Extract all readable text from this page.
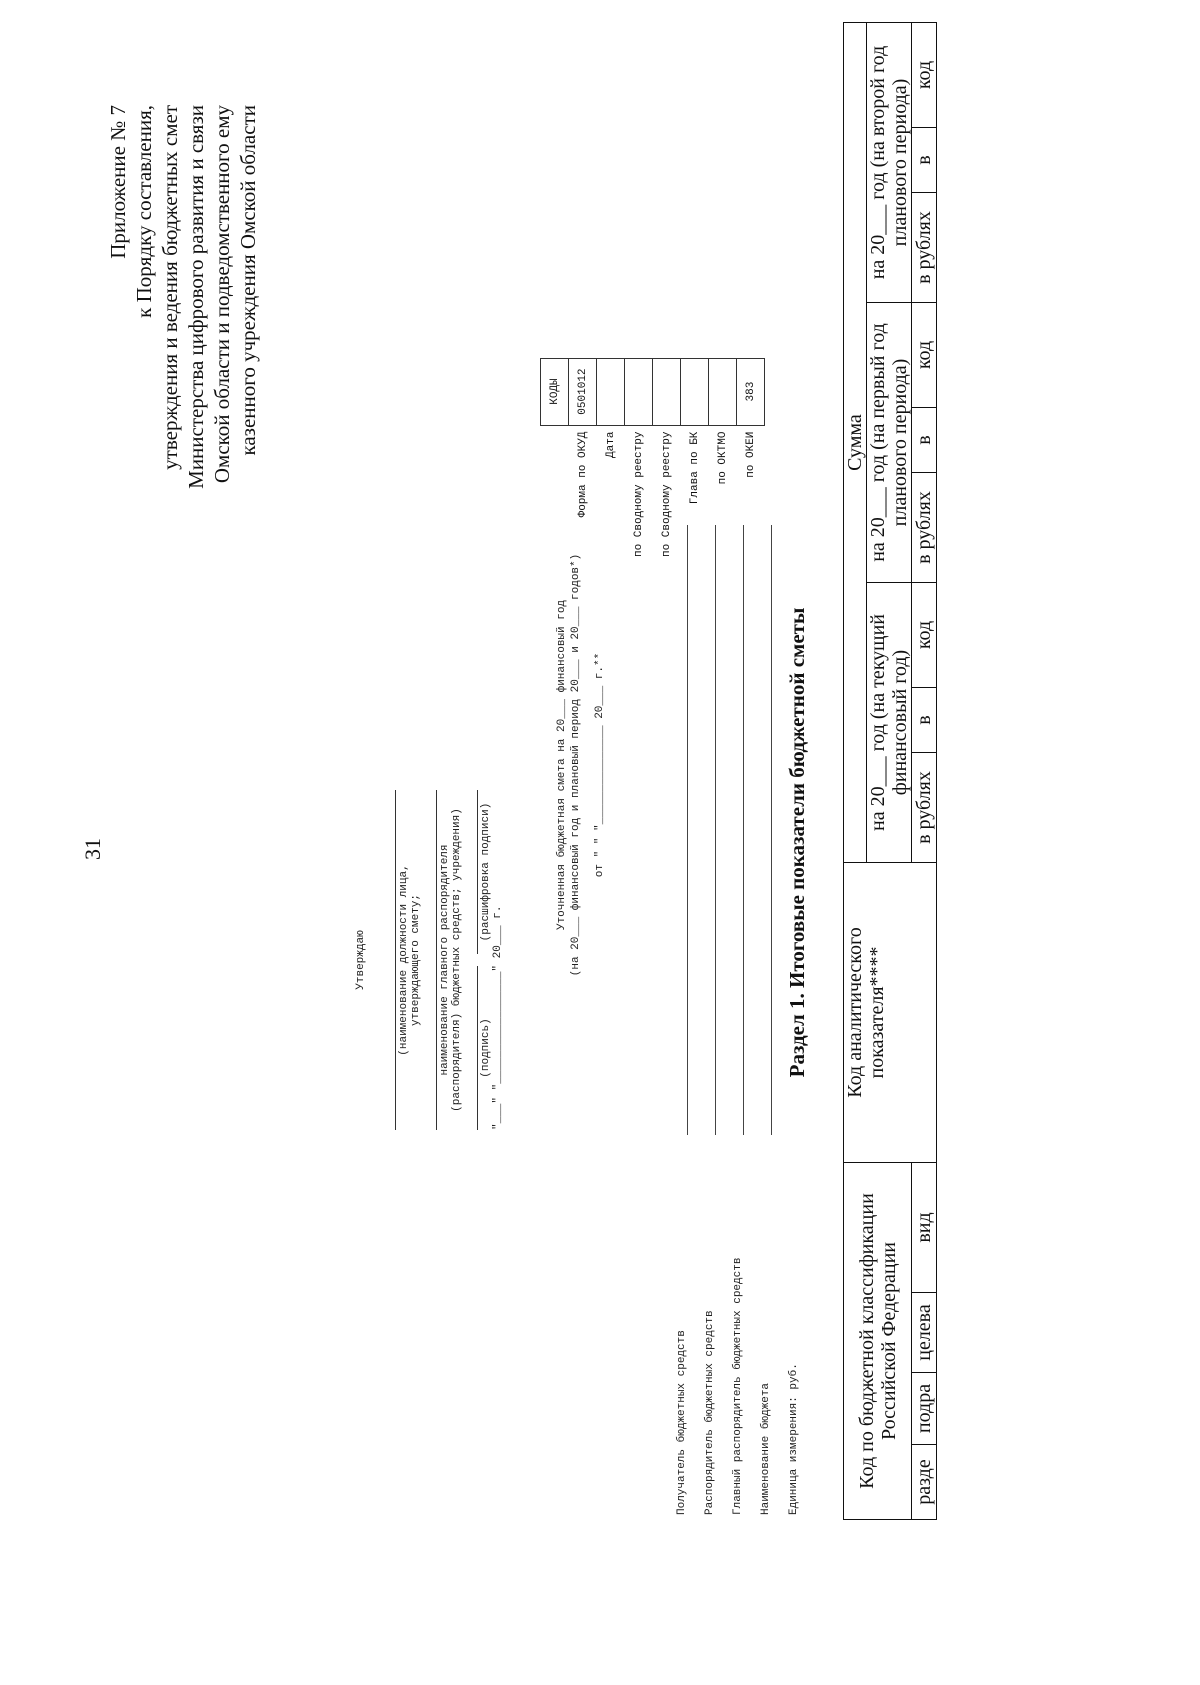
31
Приложение № 7 к Порядку составления, утверждения и ведения бюджетных смет Министерства цифрового развития и связи Омской области и подведомственного ему казенного учреждения Омской области
Утверждаю	(наименование должности лица, утверждающего смету; наименование главного распорядителя (распорядителя) бюджетных средств; учреждения) (подпись)
(расшифровка подписи)
"___" "_________________" 20___ г.
Уточненная бюджетная смета на 20___ финансовый год (на 20___ финансовый год и плановый период 20___ и 20___ годов*) от " " "_______________ 20___ г.**
	КОДЫ
Форма по ОКУД	0501012
Дата	
по Сводному реестру	
по Сводному реестру	
Глава по БК	
по ОКТМО	
по ОКЕИ	383
Получатель бюджетных средств Распорядитель бюджетных средств Главный распорядитель бюджетных средств Наименование бюджета Единица измерения: руб.
Раздел 1. Итоговые показатели бюджетной сметы
Код по бюджетной классификации Российской Федерации				Код аналитического показателя****	Сумма								
					на 20___ год (на текущий финансовый год)			на 20___ год (на первый год планового периода)			на 20___ год (на второй год планового периода)		
разде	подра	целева	вид		в рублях	в	код	в рублях	в	код	в рублях	в	код
